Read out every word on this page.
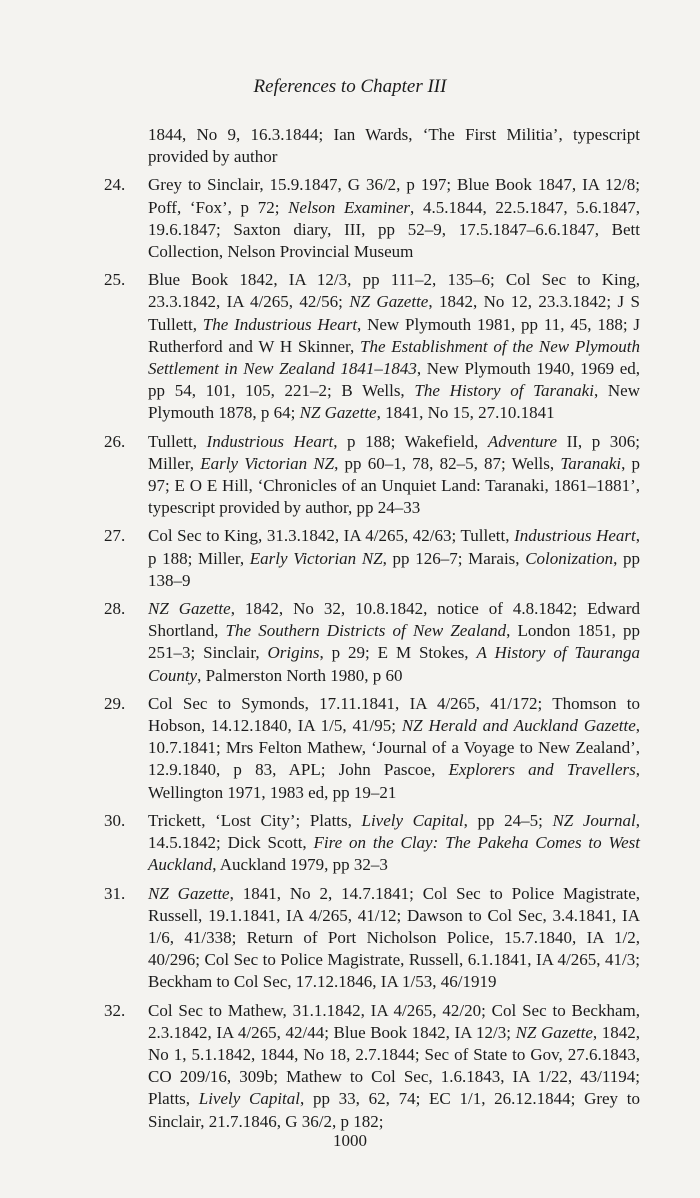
References to Chapter III
1844, No 9, 16.3.1844; Ian Wards, ‘The First Militia’, typescript provided by author
24. Grey to Sinclair, 15.9.1847, G 36/2, p 197; Blue Book 1847, IA 12/8; Poff, ‘Fox’, p 72; Nelson Examiner, 4.5.1844, 22.5.1847, 5.6.1847, 19.6.1847; Saxton diary, III, pp 52–9, 17.5.1847–6.6.1847, Bett Collection, Nelson Provincial Museum
25. Blue Book 1842, IA 12/3, pp 111–2, 135–6; Col Sec to King, 23.3.1842, IA 4/265, 42/56; NZ Gazette, 1842, No 12, 23.3.1842; J S Tullett, The Industrious Heart, New Plymouth 1981, pp 11, 45, 188; J Rutherford and W H Skinner, The Establishment of the New Plymouth Settlement in New Zealand 1841–1843, New Plymouth 1940, 1969 ed, pp 54, 101, 105, 221–2; B Wells, The History of Taranaki, New Plymouth 1878, p 64; NZ Gazette, 1841, No 15, 27.10.1841
26. Tullett, Industrious Heart, p 188; Wakefield, Adventure II, p 306; Miller, Early Victorian NZ, pp 60–1, 78, 82–5, 87; Wells, Taranaki, p 97; E O E Hill, ‘Chronicles of an Unquiet Land: Taranaki, 1861–1881’, typescript provided by author, pp 24–33
27. Col Sec to King, 31.3.1842, IA 4/265, 42/63; Tullett, Industrious Heart, p 188; Miller, Early Victorian NZ, pp 126–7; Marais, Colonization, pp 138–9
28. NZ Gazette, 1842, No 32, 10.8.1842, notice of 4.8.1842; Edward Shortland, The Southern Districts of New Zealand, London 1851, pp 251–3; Sinclair, Origins, p 29; E M Stokes, A History of Tauranga County, Palmerston North 1980, p 60
29. Col Sec to Symonds, 17.11.1841, IA 4/265, 41/172; Thomson to Hobson, 14.12.1840, IA 1/5, 41/95; NZ Herald and Auckland Gazette, 10.7.1841; Mrs Felton Mathew, ‘Journal of a Voyage to New Zealand’, 12.9.1840, p 83, APL; John Pascoe, Explorers and Travellers, Wellington 1971, 1983 ed, pp 19–21
30. Trickett, ‘Lost City’; Platts, Lively Capital, pp 24–5; NZ Journal, 14.5.1842; Dick Scott, Fire on the Clay: The Pakeha Comes to West Auckland, Auckland 1979, pp 32–3
31. NZ Gazette, 1841, No 2, 14.7.1841; Col Sec to Police Magistrate, Russell, 19.1.1841, IA 4/265, 41/12; Dawson to Col Sec, 3.4.1841, IA 1/6, 41/338; Return of Port Nicholson Police, 15.7.1840, IA 1/2, 40/296; Col Sec to Police Magistrate, Russell, 6.1.1841, IA 4/265, 41/3; Beckham to Col Sec, 17.12.1846, IA 1/53, 46/1919
32. Col Sec to Mathew, 31.1.1842, IA 4/265, 42/20; Col Sec to Beckham, 2.3.1842, IA 4/265, 42/44; Blue Book 1842, IA 12/3; NZ Gazette, 1842, No 1, 5.1.1842, 1844, No 18, 2.7.1844; Sec of State to Gov, 27.6.1843, CO 209/16, 309b; Mathew to Col Sec, 1.6.1843, IA 1/22, 43/1194; Platts, Lively Capital, pp 33, 62, 74; EC 1/1, 26.12.1844; Grey to Sinclair, 21.7.1846, G 36/2, p 182;
1000
